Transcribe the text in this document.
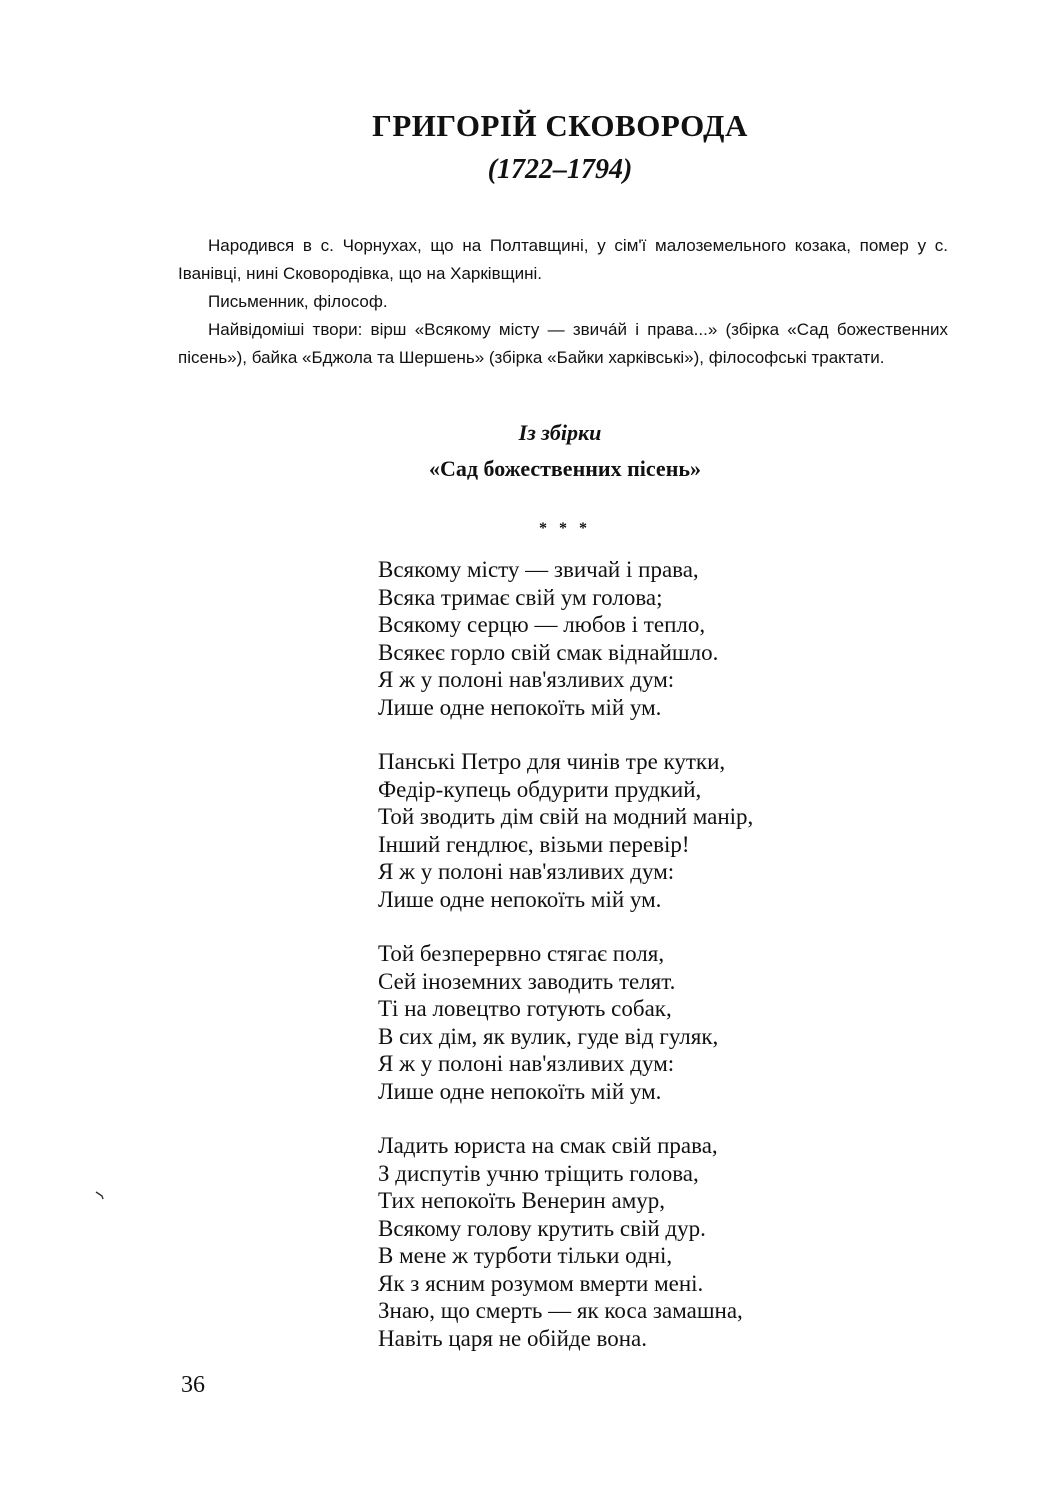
ГРИГОРІЙ СКОВОРОДА
(1722–1794)

Народився в с. Чорнухах, що на Полтавщині, у сім'ї малоземельного козака, помер у с. Іванівці, нині Сковородівка, що на Харківщині.

Письменник, філософ.

Найвідоміші твори: вірш «Всякому місту — звичáй і права...» (збірка «Сад божественних пісень»), байка «Бджола та Шершень» (збірка «Байки харківські»), філософські трактати.

Із збірки
«Сад божественних пісень»
* * *
Всякому місту — звичай і права,
Всяка тримає свій ум голова;
Всякому серцю — любов і тепло,
Всякеє горло свій смак віднайшло.
Я ж у полоні нав'язливих дум:
Лише одне непокоїть мій ум.
Панські Петро для чинів тре кутки,
Федір-купець обдурити прудкий,
Той зводить дім свій на модний манір,
Інший гендлює, візьми перевір!
Я ж у полоні нав'язливих дум:
Лише одне непокоїть мій ум.
Той безперервно стягає поля,
Сей іноземних заводить телят.
Ті на ловецтво готують собак,
В сих дім, як вулик, гуде від гуляк,
Я ж у полоні нав'язливих дум:
Лише одне непокоїть мій ум.
Ладить юриста на смак свій права,
З диспутів учню тріщить голова,
Тих непокоїть Венерин амур,
Всякому голову крутить свій дур.
В мене ж турботи тільки одні,
Як з ясним розумом вмерти мені.
Знаю, що смерть — як коса замашна,
Навіть царя не обійде вона.
36
